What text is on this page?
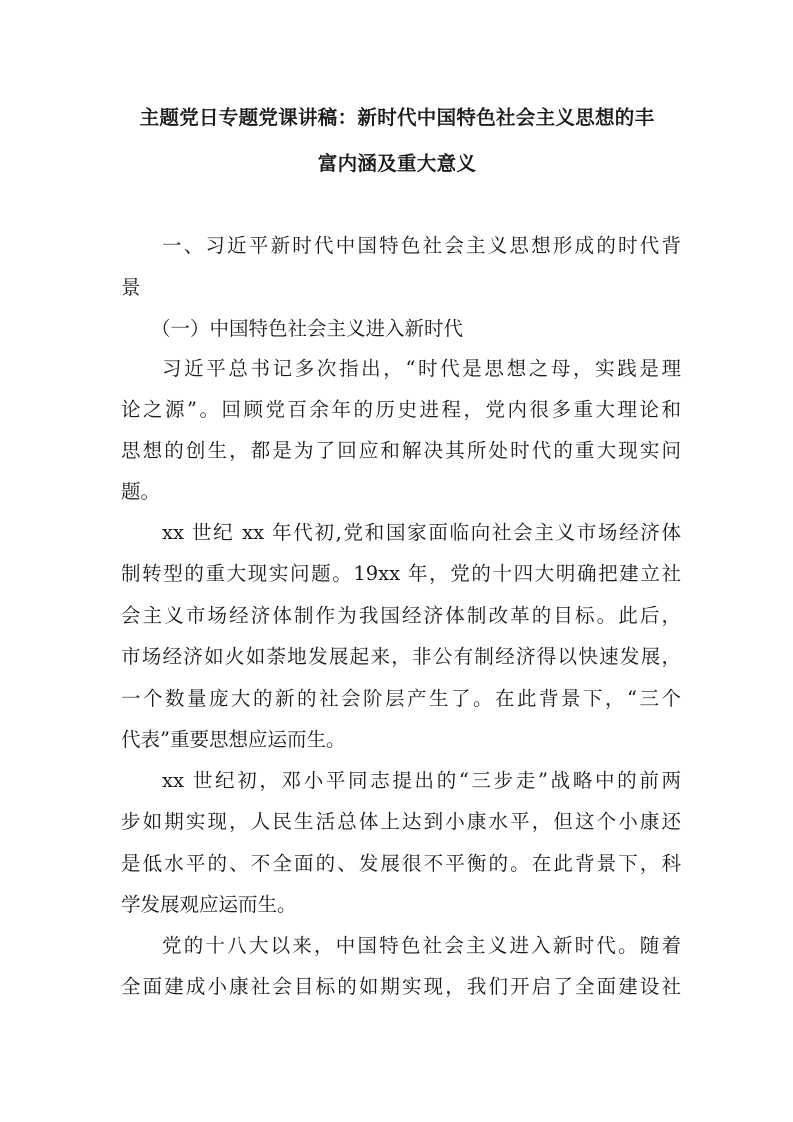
主题党日专题党课讲稿：新时代中国特色社会主义思想的丰
富内涵及重大意义
一、习近平新时代中国特色社会主义思想形成的时代背
景
（一）中国特色社会主义进入新时代
习近平总书记多次指出，“时代是思想之母，实践是理
论之源”。回顾党百余年的历史进程，党内很多重大理论和
思想的创生，都是为了回应和解决其所处时代的重大现实问
题。
xx 世纪 xx 年代初,党和国家面临向社会主义市场经济体
制转型的重大现实问题。19xx 年，党的十四大明确把建立社
会主义市场经济体制作为我国经济体制改革的目标。此后，
市场经济如火如荼地发展起来，非公有制经济得以快速发展，
一个数量庞大的新的社会阶层产生了。在此背景下，“三个
代表”重要思想应运而生。
xx 世纪初，邓小平同志提出的“三步走”战略中的前两
步如期实现，人民生活总体上达到小康水平，但这个小康还
是低水平的、不全面的、发展很不平衡的。在此背景下，科
学发展观应运而生。
党的十八大以来，中国特色社会主义进入新时代。随着
全面建成小康社会目标的如期实现，我们开启了全面建设社
